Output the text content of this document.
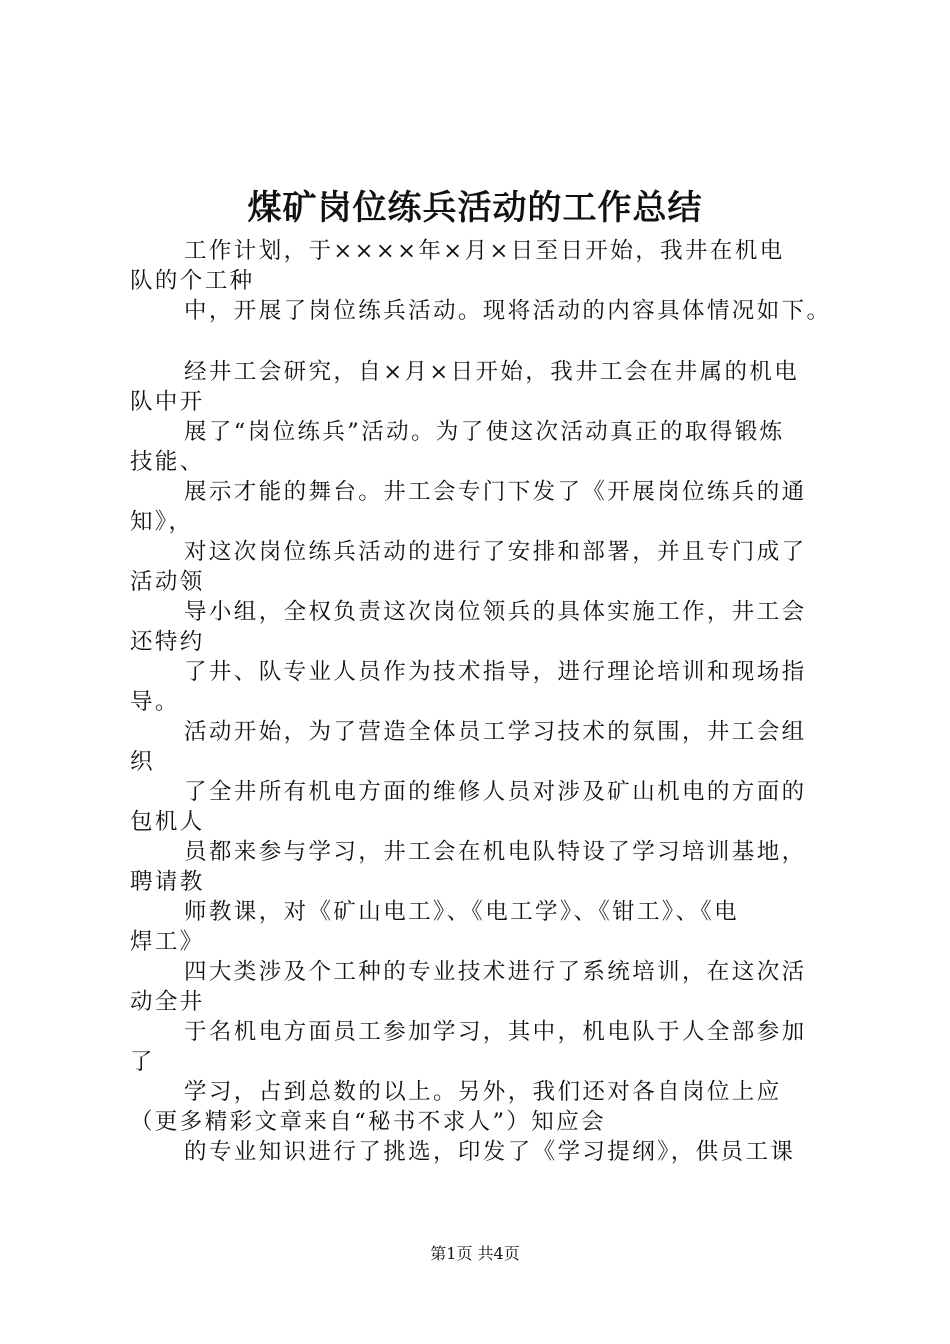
煤矿岗位练兵活动的工作总结
工作计划，于××××年×月×日至日开始，我井在机电
队的个工种
中，开展了岗位练兵活动。现将活动的内容具体情况如下。
经井工会研究，自×月×日开始，我井工会在井属的机电
队中开
展了“岗位练兵”活动。为了使这次活动真正的取得锻炼
技能、
展示才能的舞台。井工会专门下发了《开展岗位练兵的通
知》，
对这次岗位练兵活动的进行了安排和部署，并且专门成了
活动领
导小组，全权负责这次岗位领兵的具体实施工作，井工会
还特约
了井、队专业人员作为技术指导，进行理论培训和现场指
导。
活动开始，为了营造全体员工学习技术的氛围，井工会组
织
了全井所有机电方面的维修人员对涉及矿山机电的方面的
包机人
员都来参与学习，井工会在机电队特设了学习培训基地，
聘请教
师教课，对《矿山电工》、《电工学》、《钳工》、《电
焊工》
四大类涉及个工种的专业技术进行了系统培训，在这次活
动全井
于名机电方面员工参加学习，其中，机电队于人全部参加
了
学习，占到总数的以上。另外，我们还对各自岗位上应
（更多精彩文章来自“秘书不求人”）知应会
的专业知识进行了挑选，印发了《学习提纲》，供员工课
第1页 共4页
